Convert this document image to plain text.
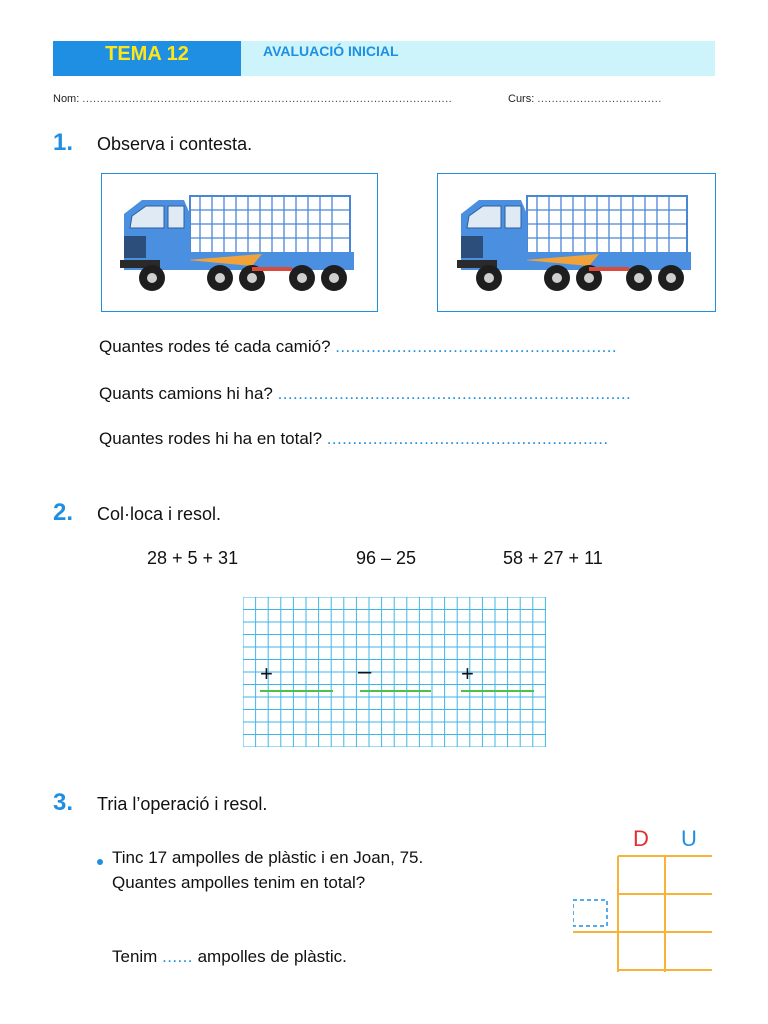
TEMA 12	AVALUACIÓ INICIAL
Nom: ........................................................................................................	Curs: ...................................
1. Observa i contesta.
Quantes rodes té cada camió? .......................................................
Quants camions hi ha? .....................................................................
Quantes rodes hi ha en total? .......................................................
2. Col·loca i resol.
28 + 5 + 31	96 – 25	58 + 27 + 11
+	–	+
3. Tria l’operació i resol.
Tinc 17 ampolles de plàstic i en Joan, 75.
Quantes ampolles tenim en total?
Tenim ...... ampolles de plàstic.
D U
